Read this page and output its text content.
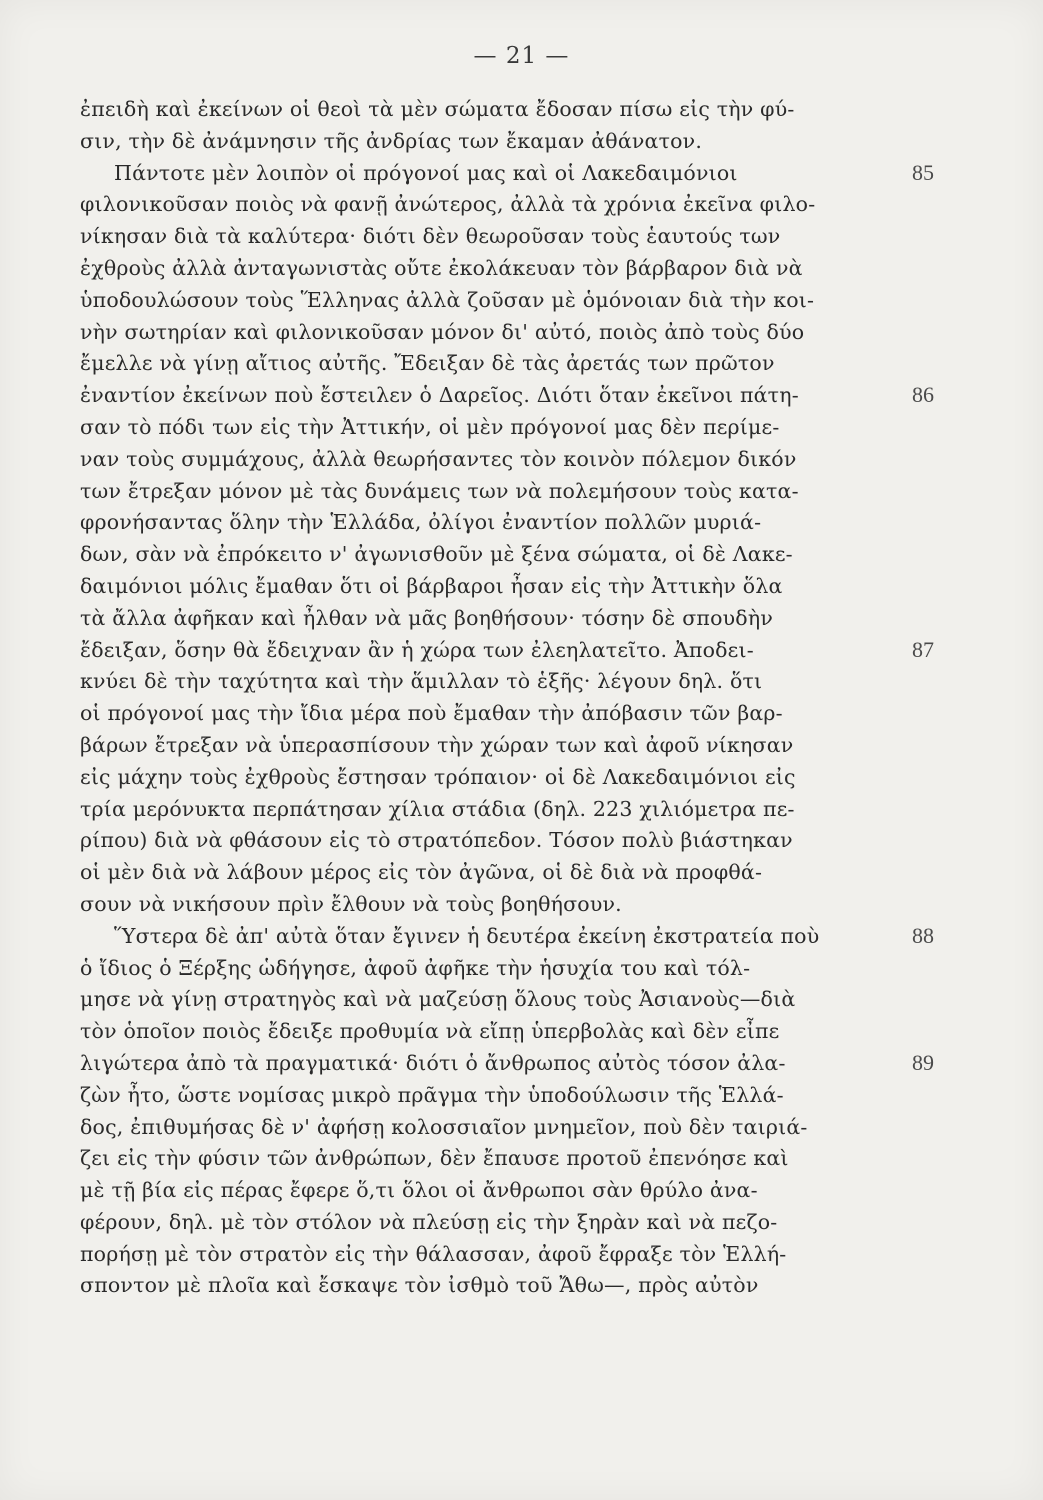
— 21 —
ἐπειδὴ καὶ ἐκείνων οἱ θεοὶ τὰ μὲν σώματα ἔδοσαν πίσω εἰς τὴν φύ-
σιν, τὴν δὲ ἀνάμνησιν τῆς ἀνδρίας των ἔκαμαν ἀθάνατον.
Πάντοτε μὲν λοιπὸν οἱ πρόγονοί μας καὶ οἱ Λακεδαιμόνιοι
φιλονικοῦσαν ποιὸς νὰ φανῇ ἀνώτερος, ἀλλὰ τὰ χρόνια ἐκεῖνα φιλο-
νίκησαν διὰ τὰ καλύτερα· διότι δὲν θεωροῦσαν τοὺς ἑαυτούς των
ἐχθροὺς ἀλλὰ ἀνταγωνιστὰς οὔτε ἐκολάκευαν τὸν βάρβαρον διὰ νὰ
ὑποδουλώσουν τοὺς Ἕλληνας ἀλλὰ ζοῦσαν μὲ ὁμόνοιαν διὰ τὴν κοι-
νὴν σωτηρίαν καὶ φιλονικοῦσαν μόνον δι' αὐτό, ποιὸς ἀπὸ τοὺς δύο
ἔμελλε νὰ γίνῃ αἴτιος αὐτῆς. Ἔδειξαν δὲ τὰς ἀρετάς των πρῶτον
ἐναντίον ἐκείνων ποὺ ἔστειλεν ὁ Δαρεῖος. Διότι ὅταν ἐκεῖνοι πάτη-
σαν τὸ πόδι των εἰς τὴν Ἀττικήν, οἱ μὲν πρόγονοί μας δὲν περίμε-
ναν τοὺς συμμάχους, ἀλλὰ θεωρήσαντες τὸν κοινὸν πόλεμον δικόν
των ἔτρεξαν μόνον μὲ τὰς δυνάμεις των νὰ πολεμήσουν τοὺς κατα-
φρονήσαντας ὅλην τὴν Ἑλλάδα, ὀλίγοι ἐναντίον πολλῶν μυριά-
δων, σὰν νὰ ἐπρόκειτο ν' ἀγωνισθοῦν μὲ ξένα σώματα, οἱ δὲ Λακε-
δαιμόνιοι μόλις ἔμαθαν ὅτι οἱ βάρβαροι ἦσαν εἰς τὴν Ἀττικὴν ὅλα
τὰ ἄλλα ἀφῆκαν καὶ ἦλθαν νὰ μᾶς βοηθήσουν· τόσην δὲ σπουδὴν
ἔδειξαν, ὅσην θὰ ἔδειχναν ἂν ἡ χώρα των ἐλεηλατεῖτο. Ἀποδει-
κνύει δὲ τὴν ταχύτητα καὶ τὴν ἅμιλλαν τὸ ἑξῆς· λέγουν δηλ. ὅτι
οἱ πρόγονοί μας τὴν ἴδια μέρα ποὺ ἔμαθαν τὴν ἀπόβασιν τῶν βαρ-
βάρων ἔτρεξαν νὰ ὑπερασπίσουν τὴν χώραν των καὶ ἀφοῦ νίκησαν
εἰς μάχην τοὺς ἐχθροὺς ἔστησαν τρόπαιον· οἱ δὲ Λακεδαιμόνιοι εἰς
τρία μερόνυκτα περπάτησαν χίλια στάδια (δηλ. 223 χιλιόμετρα πε-
ρίπου) διὰ νὰ φθάσουν εἰς τὸ στρατόπεδον. Τόσον πολὺ βιάστηκαν
οἱ μὲν διὰ νὰ λάβουν μέρος εἰς τὸν ἀγῶνα, οἱ δὲ διὰ νὰ προφθά-
σουν νὰ νικήσουν πρὶν ἔλθουν νὰ τοὺς βοηθήσουν.
Ὕστερα δὲ ἀπ' αὐτὰ ὅταν ἔγινεν ἡ δευτέρα ἐκείνη ἐκστρατεία ποὺ
ὁ ἴδιος ὁ Ξέρξης ὡδήγησε, ἀφοῦ ἀφῆκε τὴν ἡσυχία του καὶ τόλ-
μησε νὰ γίνῃ στρατηγὸς καὶ νὰ μαζεύσῃ ὅλους τοὺς Ἀσιανοὺς—διὰ
τὸν ὁποῖον ποιὸς ἔδειξε προθυμία νὰ εἴπῃ ὑπερβολὰς καὶ δὲν εἶπε
λιγώτερα ἀπὸ τὰ πραγματικά· διότι ὁ ἄνθρωπος αὐτὸς τόσον ἀλα-
ζὼν ἦτο, ὥστε νομίσας μικρὸ πρᾶγμα τὴν ὑποδούλωσιν τῆς Ἑλλά-
δος, ἐπιθυμήσας δὲ ν' ἀφήσῃ κολοσσιαῖον μνημεῖον, ποὺ δὲν ταιριά-
ζει εἰς τὴν φύσιν τῶν ἀνθρώπων, δὲν ἔπαυσε προτοῦ ἐπενόησε καὶ
μὲ τῇ βία εἰς πέρας ἔφερε ὅ,τι ὅλοι οἱ ἄνθρωποι σὰν θρύλο ἀνα-
φέρουν, δηλ. μὲ τὸν στόλον νὰ πλεύσῃ εἰς τὴν ξηρὰν καὶ νὰ πεζο-
πορήσῃ μὲ τὸν στρατὸν εἰς τὴν θάλασσαν, ἀφοῦ ἔφραξε τὸν Ἑλλή-
σποντον μὲ πλοῖα καὶ ἔσκαψε τὸν ἰσθμὸ τοῦ Ἄθω—, πρὸς αὐτὸν
85
86
87
88
89
